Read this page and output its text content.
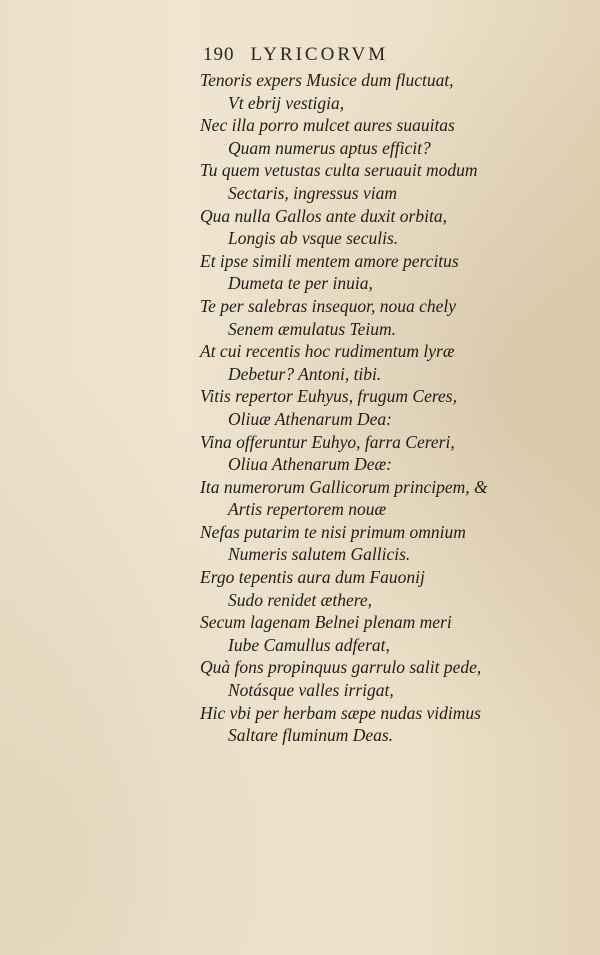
190 LYRICORVM
Tenoris expers Musice dum fluctuat,
Vt ebrij vestigia,
Nec illa porro mulcet aures suauitas
Quam numerus aptus efficit?
Tu quem vetustas culta seruauit modum
Sectaris, ingressus viam
Qua nulla Gallos ante duxit orbita,
Longis ab vsque seculis.
Et ipse simili mentem amore percitus
Dumeta te per inuia,
Te per salebras insequor, noua chely
Senem æmulatus Teium.
At cui recentis hoc rudimentum lyræ
Debetur? Antoni, tibi.
Vitis repertor Euhyus, frugum Ceres,
Oliuæ Athenarum Dea:
Vina offeruntur Euhyo, farra Cereri,
Oliua Athenarum Deæ:
Ita numerorum Gallicorum principem, &
Artis repertorem nouæ
Nefas putarim te nisi primum omnium
Numeris salutem Gallicis.
Ergo tepentis aura dum Fauonij
Sudo renidet æthere,
Secum lagenam Belnei plenam meri
Iube Camullus adferat,
Quà fons propinquus garrulo salit pede,
Notásque valles irrigat,
Hic vbi per herbam sæpe nudas vidimus
Saltare fluminum Deas.
